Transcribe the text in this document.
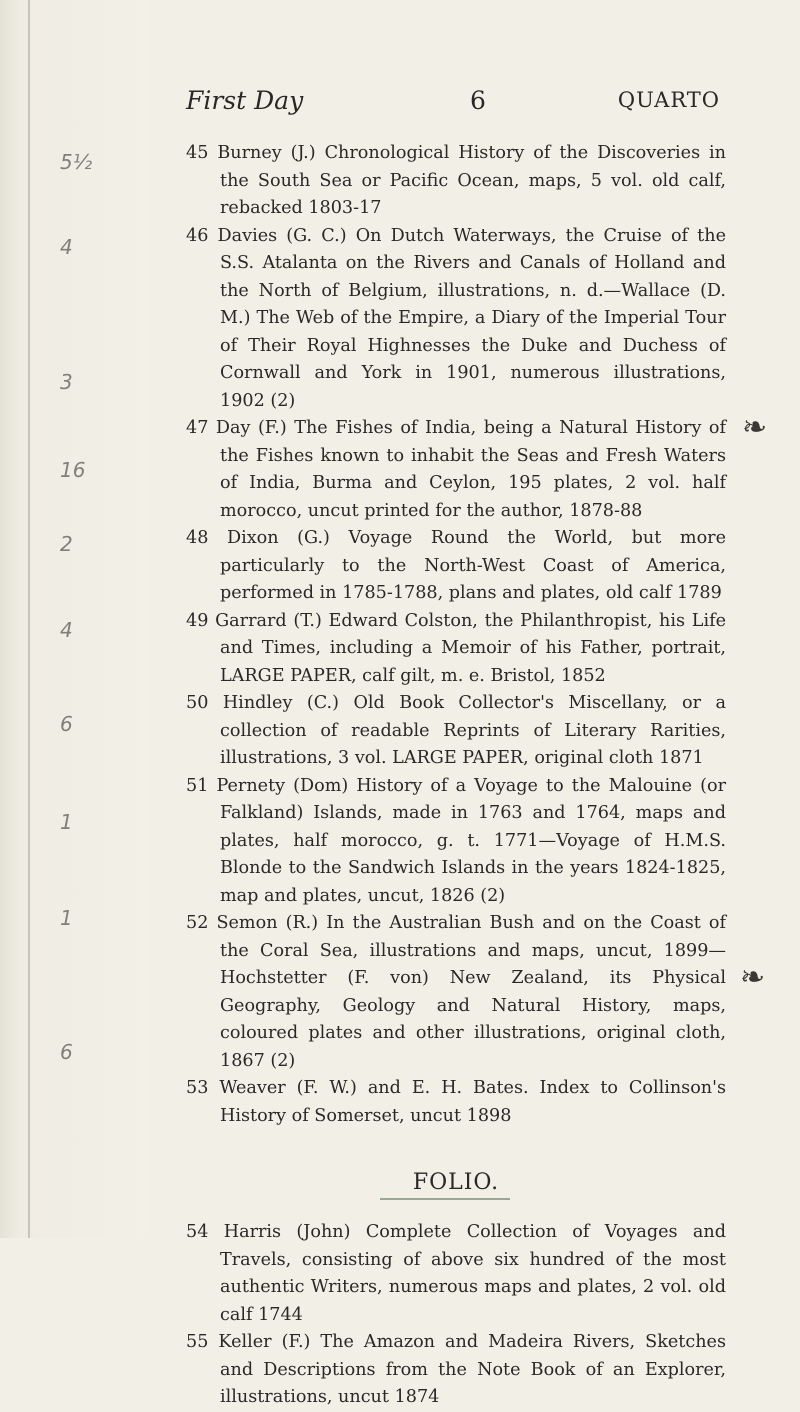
First Day	6	QUARTO
5½
4
3
16
2
4
6
1
1
6
❧
❧
45 Burney (J.) Chronological History of the Discoveries in the South Sea or Pacific Ocean, maps, 5 vol. old calf, rebacked 1803-17
46 Davies (G. C.) On Dutch Waterways, the Cruise of the S.S. Atalanta on the Rivers and Canals of Holland and the North of Belgium, illustrations, n. d.—Wallace (D. M.) The Web of the Empire, a Diary of the Imperial Tour of Their Royal Highnesses the Duke and Duchess of Cornwall and York in 1901, numerous illustrations, 1902 (2)
47 Day (F.) The Fishes of India, being a Natural History of the Fishes known to inhabit the Seas and Fresh Waters of India, Burma and Ceylon, 195 plates, 2 vol. half morocco, uncut printed for the author, 1878-88
48 Dixon (G.) Voyage Round the World, but more particularly to the North-West Coast of America, performed in 1785-1788, plans and plates, old calf 1789
49 Garrard (T.) Edward Colston, the Philanthropist, his Life and Times, including a Memoir of his Father, portrait, LARGE PAPER, calf gilt, m. e. Bristol, 1852
50 Hindley (C.) Old Book Collector's Miscellany, or a collection of readable Reprints of Literary Rarities, illustrations, 3 vol. LARGE PAPER, original cloth 1871
51 Pernety (Dom) History of a Voyage to the Malouine (or Falkland) Islands, made in 1763 and 1764, maps and plates, half morocco, g. t. 1771—Voyage of H.M.S. Blonde to the Sandwich Islands in the years 1824-1825, map and plates, uncut, 1826 (2)
52 Semon (R.) In the Australian Bush and on the Coast of the Coral Sea, illustrations and maps, uncut, 1899—Hochstetter (F. von) New Zealand, its Physical Geography, Geology and Natural History, maps, coloured plates and other illustrations, original cloth, 1867 (2)
53 Weaver (F. W.) and E. H. Bates. Index to Collinson's History of Somerset, uncut 1898
FOLIO.
54 Harris (John) Complete Collection of Voyages and Travels, consisting of above six hundred of the most authentic Writers, numerous maps and plates, 2 vol. old calf 1744
55 Keller (F.) The Amazon and Madeira Rivers, Sketches and Descriptions from the Note Book of an Explorer, illustrations, uncut 1874
